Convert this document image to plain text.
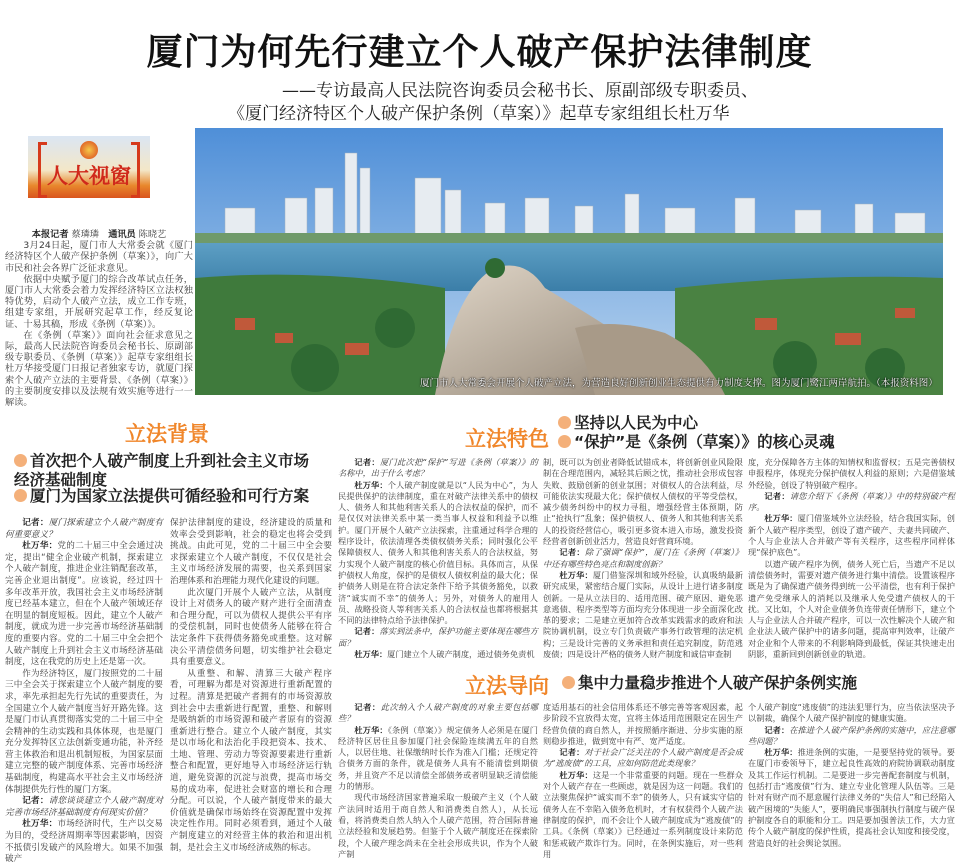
厦门为何先行建立个人破产保护法律制度
——专访最高人民法院咨询委员会秘书长、原副部级专职委员、
《厦门经济特区个人破产保护条例（草案）》起草专家组组长杜万华
人大视窗
厦门市人大常委会开展个人破产立法，为营造良好创新创业生态提供有力制度支撑。图为厦门鹭江两岸航拍。（本报资料图）
立法背景
首次把个人破产制度上升到社会主义市场经济基础制度
厦门为国家立法提供可循经验和可行方案
立法特色
坚持以人民为中心
“保护”是《条例（草案）》的核心灵魂
立法导向	集中力量稳步推进个人破产保护条例实施

本报记者 蔡璘璘　 通讯员 陈晓艺

3月24日起，厦门市人大常委会就《厦门经济特区个人破产保护条例（草案）》，向广大市民和社会各界广泛征求意见。

依据中央赋予厦门的综合改革试点任务，厦门市人大常委会着力发挥经济特区立法权独特优势，启动个人破产立法，成立工作专班，组建专家组，开展研究起草工作，经反复论证、十易其稿，形成《条例（草案）》。

在《条例（草案）》面向社会征求意见之际，最高人民法院咨询委员会秘书长、原副部级专职委员、《条例（草案）》起草专家组组长杜万华接受厦门日报记者独家专访，就厦门探索个人破产立法的主要背景、《条例（草案）》的主要制度安排以及法规有效实施等进行一一解读。

记者：厦门探索建立个人破产制度有何重要意义？

杜万华：党的二十届三中全会通过决定，提出“健全企业破产机制，探索建立个人破产制度，推进企业注销配套改革，完善企业退出制度”。应该说，经过四十多年改革开放，我国社会主义市场经济制度已经基本建立，但在个人破产领域还存在明显的制度短板。因此，建立个人破产制度，就成为进一步完善市场经济基础制度的重要内容。党的二十届三中全会把个人破产制度上升到社会主义市场经济基础制度，这在我党的历史上还是第一次。

作为经济特区，厦门按照党的二十届三中全会关于探索建立个人破产制度的要求，率先承担起先行先试的重要责任，为全国建立个人破产制度当好开路先锋。这是厦门市认真贯彻落实党的二十届三中全会精神的生动实践和具体体现，也是厦门充分发挥特区立法创新变通功能，补齐经营主体救治和退出机制短板，为国家层面建立完整的破产制度体系、完善市场经济基础制度，构建高水平社会主义市场经济体制提供先行性的厦门方案。

记者：请您谈谈建立个人破产制度对完善市场经济基础制度有何现实价值？

杜万华：市场经济时代，生产以交易为目的，受经济周期率等因素影响，因资不抵债引发破产的风险增大。如果不加强破产

保护法律制度的建设，经济建设的质量和效率会受到影响，社会的稳定也将会受到挑战。由此可见，党的二十届三中全会要求探索建立个人破产制度，不仅仅是社会主义市场经济发展的需要，也关系到国家治理体系和治理能力现代化建设的问题。

此次厦门开展个人破产立法，从制度设计上对债务人的破产财产进行全面清查和合理分配，可以为债权人提供公平有序的受偿机制，同时也使债务人能够在符合法定条件下获得债务豁免或重整。这对解决公平清偿债务问题，切实维护社会稳定具有重要意义。

从重整、和解、清算三大破产程序看，可理解为都是对资源进行重新配置的过程。清算是把破产者拥有的市场资源放到社会中去重新进行配置，重整、和解则是吸纳新的市场资源和破产者原有的资源重新进行整合。建立个人破产制度，其实是以市场化和法治化手段把资本、技术、土地、管理、劳动力等资源要素进行重新整合和配置，更好地导入市场经济运行轨道，避免资源的沉淀与浪费，提高市场交易的成功率，促进社会财富的增长和合理分配。可以说，个人破产制度带来的最大价值就是确保市场始终在资源配置中发挥决定性作用。同时必须看到，通过个人破产制度建立的对经营主体的救治和退出机制，是社会主义市场经济成熟的标志。

记者：厦门此次把“保护”写进《条例（草案）》的名称中，出于什么考虑？

杜万华：个人破产制度就是以“人民为中心”，为人民提供保护的法律制度，重在对破产法律关系中的债权人、债务人和其他利害关系人的合法权益的保护，而不是仅仅对法律关系中某一类当事人权益和利益予以维护。厦门开展个人破产立法探索，注重通过科学合理的程序设计，依法清理各类债权债务关系；同时强化公平保障债权人、债务人和其他利害关系人的合法权益，努力实现个人破产制度的核心价值目标。具体而言，从保护债权人角度，保护的是债权人债权利益的最大化；保护债务人则是在符合法定条件下给予其债务豁免，以救济“诚实而不幸”的债务人；另外，对债务人的雇用人员、战略投资人等利害关系人的合法权益也都将根据其不同的法律特点给予法律保护。

记者：落实到法条中，保护功能主要体现在哪些方面？

杜万华：厦门建立个人破产制度，通过债务免责机

制，既可以为创业者降低试错成本，将创新创业风险限制在合理范围内，减轻其后顾之忧，推动社会形成包容失败、鼓励创新的创业氛围；对债权人的合法利益，尽可能依法实现最大化；保护债权人债权的平等受偿权，减少债务纠纷中的权力寻租，增强经营主体预期，防止“抢执行”乱象；保护债权人、债务人和其他利害关系人的投资经营信心，吸引更多资本进入市场，激发投资经营者创新创业活力，营造良好营商环境。

记者：除了强调“保护”，厦门在《条例（草案）》中还有哪些特色亮点和制度创新？

杜万华：厦门借鉴深圳和域外经验，认真吸纳最新研究成果，紧密结合厦门实际，从设计上进行诸多制度创新。一是从立法目的、适用范围、破产原因、避免恶意逃债、程序类型等方面均充分体现进一步全面深化改革的要求；二是建立更加符合改革实践需求的政府和法院协调机制，设立专门负责破产事务行政管理的法定机构；三是设计完善的义务承担和责任追究制度，防范逃废债；四是设计严格的债务人财产制度和诚信审查制

度，充分保障各方主体的知情权和监督权；五是完善债权申报程序，体现充分保护债权人利益的原则；六是借鉴域外经验，创设了特别破产程序。

记者：请您介绍下《条例（草案）》中的特别破产程序。

杜万华：厦门借鉴域外立法经验，结合我国实际，创新个人破产程序类型，创设了遗产破产、夫妻共同破产、个人与企业法人合并破产等有关程序，这些程序同样体现“保护底色”。

以遗产破产程序为例，债务人死亡后，当遗产不足以清偿债务时，需要对遗产债务进行集中清偿。设置该程序既是为了确保遗产债务得到统一公平清偿，也有利于保护遗产免受继承人的消耗以及继承人免受遗产债权人的干扰。又比如，个人对企业债务负连带责任情形下，建立个人与企业法人合并破产程序，可以一次性解决个人破产和企业法人破产保护中的诸多问题，提高审判效率，让破产对企业和个人带来的不利影响降到最低，保证其快速走出阴影，重新回到创新创业的轨道。

记者：此次纳入个人破产制度的对象主要包括哪些？

杜万华：《条例（草案）》规定债务人必须是在厦门经济特区居住且参加厦门社会保险连续满五年的自然人，以居住地、社保缴纳时长作为准入门槛；还规定符合债务方面的条件，就是债务人具有不能清偿到期债务，并且资产不足以清偿全部债务或者明显缺乏清偿能力的情形。

现代市场经济国家普遍采取一般破产主义（个人破产法同时适用于商自然人和消费类自然人），从长远看，将消费类自然人纳入个人破产范围，符合国际普遍立法经验和发展趋势。但鉴于个人破产制度还在探索阶段，个人破产理念尚未在全社会形成共识，作为个人破产制

度适用基石的社会信用体系还不够完善等客观因素，起步阶段不宜放得太宽，宜将主体适用范围限定在因生产经营负债的商自然人，并按照循序渐进、分步实施的原则稳步推进，做到宽中有严、宽严适度。

记者：对于社会广泛关注的个人破产制度是否会成为“逃废债”的工具，应如何防范此类现象？

杜万华：这是一个非常重要的问题。现在一些群众对个人破产存在一些顾虑，就是因为这一问题。我们的立法聚焦保护“诚实而不幸”的债务人，只有诚实守信的债务人在不幸陷入债务危机时，才有权获得个人破产法律制度的保护，而不会让个人破产制度成为“逃废债”的工具。《条例（草案）》已经通过一系列制度设计来防范和惩戒破产欺诈行为。同时，在条例实施后，对一些利用

个人破产制度“逃废债”的违法犯罪行为，应当依法坚决予以制裁，确保个人破产保护制度的健康实施。

记者：在推进个人破产保护条例的实施中，应注意哪些问题？

杜万华：推进条例的实施，一是要坚持党的领导。要在厦门市委领导下，建立起良性高效的府院协调联动制度及其工作运行机制。二是要进一步完善配套制度与机制，包括打击“逃废债”行为、建立专业化管理人队伍等。三是针对有财产而不愿意履行法律义务的“失信人”和已经陷入破产困境的“失能人”，要明确民事强制执行制度与破产保护制度各自的职能和分工。四是要加强普法工作，大力宣传个人破产制度的保护性质，提高社会认知度和接受度，营造良好的社会舆论氛围。
